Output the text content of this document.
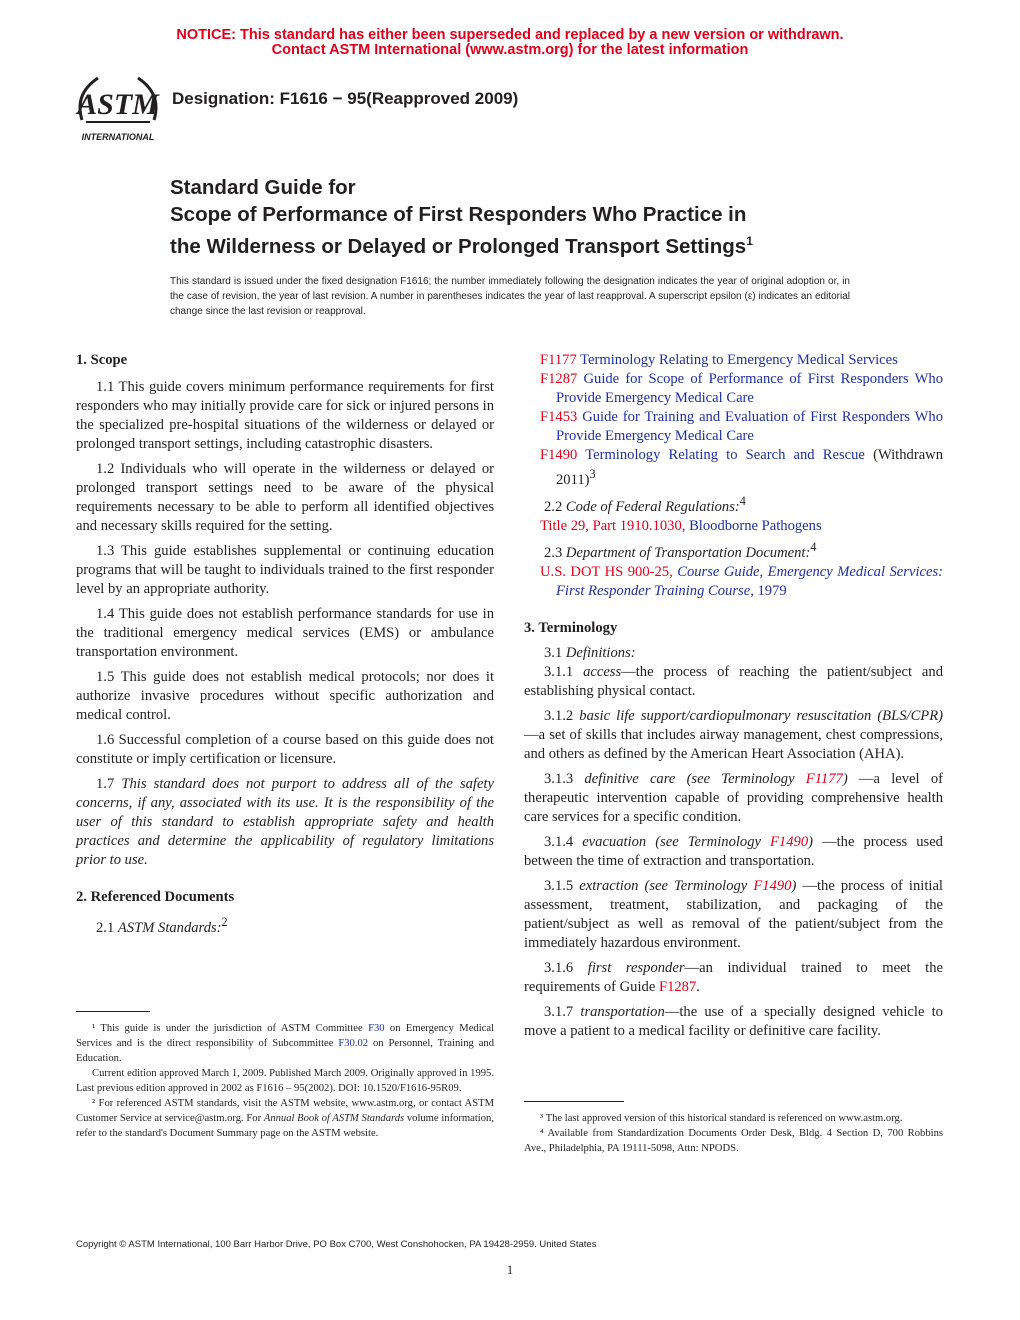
NOTICE: This standard has either been superseded and replaced by a new version or withdrawn.
Contact ASTM International (www.astm.org) for the latest information
ASTM
INTERNATIONAL
Designation: F1616 − 95(Reapproved 2009)
Standard Guide for
Scope of Performance of First Responders Who Practice in
the Wilderness or Delayed or Prolonged Transport Settings$^1$
This standard is issued under the fixed designation F1616; the number immediately following the designation indicates the year of original adoption or, in the case of revision, the year of last revision. A number in parentheses indicates the year of last reapproval. A superscript epsilon (ε) indicates an editorial change since the last revision or reapproval.
1. Scope

1.1 This guide covers minimum performance requirements for first responders who may initially provide care for sick or injured persons in the specialized pre-hospital situations of the wilderness or delayed or prolonged transport settings, including catastrophic disasters.

1.2 Individuals who will operate in the wilderness or delayed or prolonged transport settings need to be aware of the physical requirements necessary to be able to perform all identified objectives and necessary skills required for the setting.

1.3 This guide establishes supplemental or continuing education programs that will be taught to individuals trained to the first responder level by an appropriate authority.

1.4 This guide does not establish performance standards for use in the traditional emergency medical services (EMS) or ambulance transportation environment.

1.5 This guide does not establish medical protocols; nor does it authorize invasive procedures without specific authorization and medical control.

1.6 Successful completion of a course based on this guide does not constitute or imply certification or licensure.

1.7 This standard does not purport to address all of the safety concerns, if any, associated with its use. It is the responsibility of the user of this standard to establish appropriate safety and health practices and determine the applicability of regulatory limitations prior to use.

2. Referenced Documents

2.1 ASTM Standards:$^2$

¹ This guide is under the jurisdiction of ASTM Committee F30 on Emergency Medical Services and is the direct responsibility of Subcommittee F30.02 on Personnel, Training and Education.

Current edition approved March 1, 2009. Published March 2009. Originally approved in 1995. Last previous edition approved in 2002 as F1616 – 95(2002). DOI: 10.1520/F1616-95R09.

² For referenced ASTM standards, visit the ASTM website, www.astm.org, or contact ASTM Customer Service at service@astm.org. For Annual Book of ASTM Standards volume information, refer to the standard's Document Summary page on the ASTM website.

F1177 Terminology Relating to Emergency Medical Services

F1287 Guide for Scope of Performance of First Responders Who Provide Emergency Medical Care

F1453 Guide for Training and Evaluation of First Responders Who Provide Emergency Medical Care

F1490 Terminology Relating to Search and Rescue (Withdrawn 2011)$^3$

2.2 Code of Federal Regulations:$^4$

Title 29, Part 1910.1030, Bloodborne Pathogens

2.3 Department of Transportation Document:$^4$

U.S. DOT HS 900-25, Course Guide, Emergency Medical Services: First Responder Training Course, 1979

3. Terminology

3.1 Definitions:

3.1.1 access—the process of reaching the patient/subject and establishing physical contact.

3.1.2 basic life support/cardiopulmonary resuscitation (BLS/CPR)—a set of skills that includes airway management, chest compressions, and others as defined by the American Heart Association (AHA).

3.1.3 definitive care (see Terminology F1177) —a level of therapeutic intervention capable of providing comprehensive health care services for a specific condition.

3.1.4 evacuation (see Terminology F1490) —the process used between the time of extraction and transportation.

3.1.5 extraction (see Terminology F1490) —the process of initial assessment, treatment, stabilization, and packaging of the patient/subject as well as removal of the patient/subject from the immediately hazardous environment.

3.1.6 first responder—an individual trained to meet the requirements of Guide F1287.

3.1.7 transportation—the use of a specially designed vehicle to move a patient to a medical facility or definitive care facility.

³ The last approved version of this historical standard is referenced on www.astm.org.

⁴ Available from Standardization Documents Order Desk, Bldg. 4 Section D, 700 Robbins Ave., Philadelphia, PA 19111-5098, Attn: NPODS.

Copyright © ASTM International, 100 Barr Harbor Drive, PO Box C700, West Conshohocken, PA 19428-2959. United States
1
